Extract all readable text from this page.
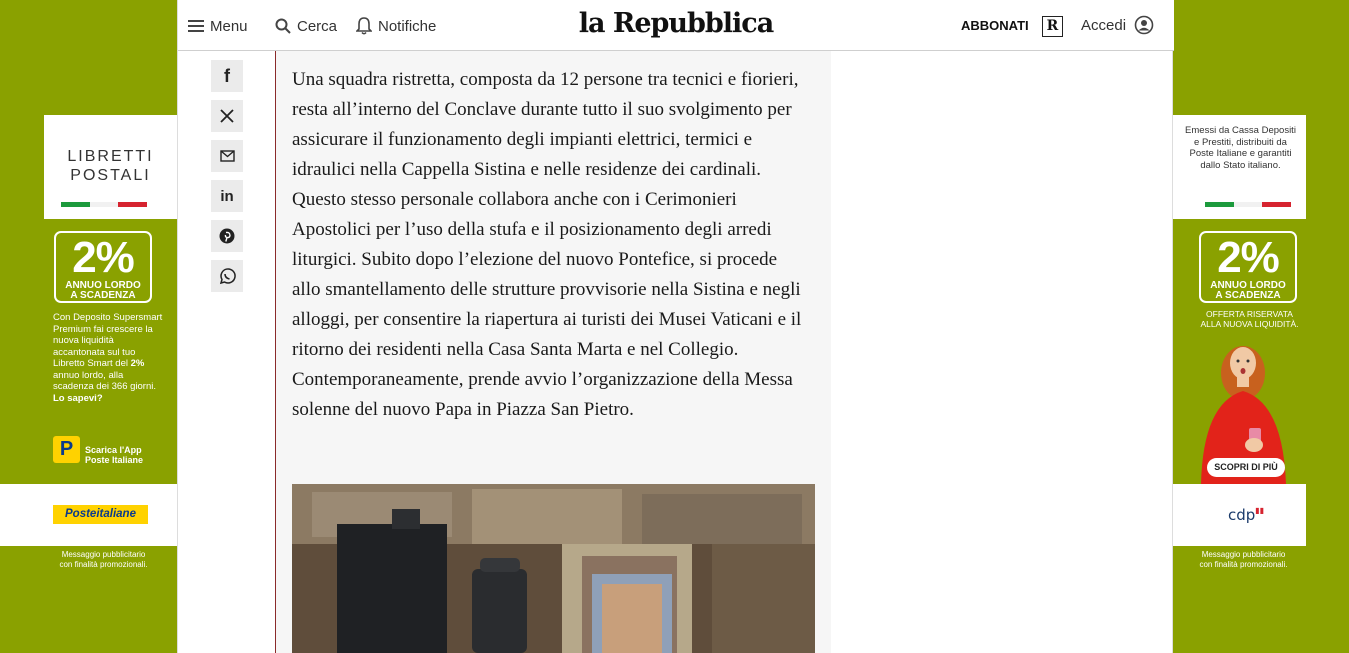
LIBRETTI
POSTALI
2%
ANNUO LORDO
A SCADENZA
Con Deposito Supersmart Premium fai crescere la nuova liquidità accantonata sul tuo Libretto Smart del 2% annuo lordo, alla scadenza dei 366 giorni.
Lo sapevi?
P	Scarica l'App
Poste Italiane
Posteitaliane
Messaggio pubblicitario
con finalità promozionali.
Emessi da Cassa Depositi e Prestiti, distribuiti da Poste Italiane e garantiti dallo Stato italiano.
2%
ANNUO LORDO
A SCADENZA
OFFERTA RISERVATA
ALLA NUOVA LIQUIDITÀ.
SCOPRI DI PIÙ
cdp▮▮
Messaggio pubblicitario
con finalità promozionali.
Menu	Cerca	Notifiche	la Repubblica	ABBONATI	R	Accedi
f
in

Una squadra ristretta, composta da 12 persone tra tecnici e fiorieri, resta all’interno del Conclave durante tutto il suo svolgimento per assicurare il funzionamento degli impianti elettrici, termici e idraulici nella Cappella Sistina e nelle residenze dei cardinali. Questo stesso personale collabora anche con i Cerimonieri Apostolici per l’uso della stufa e il posizionamento degli arredi liturgici. Subito dopo l’elezione del nuovo Pontefice, si procede allo smantellamento delle strutture provvisorie nella Sistina e negli alloggi, per consentire la riapertura ai turisti dei Musei Vaticani e il ritorno dei residenti nella Casa Santa Marta e nel Collegio. Contemporaneamente, prende avvio l’organizzazione della Messa solenne del nuovo Papa in Piazza San Pietro.
